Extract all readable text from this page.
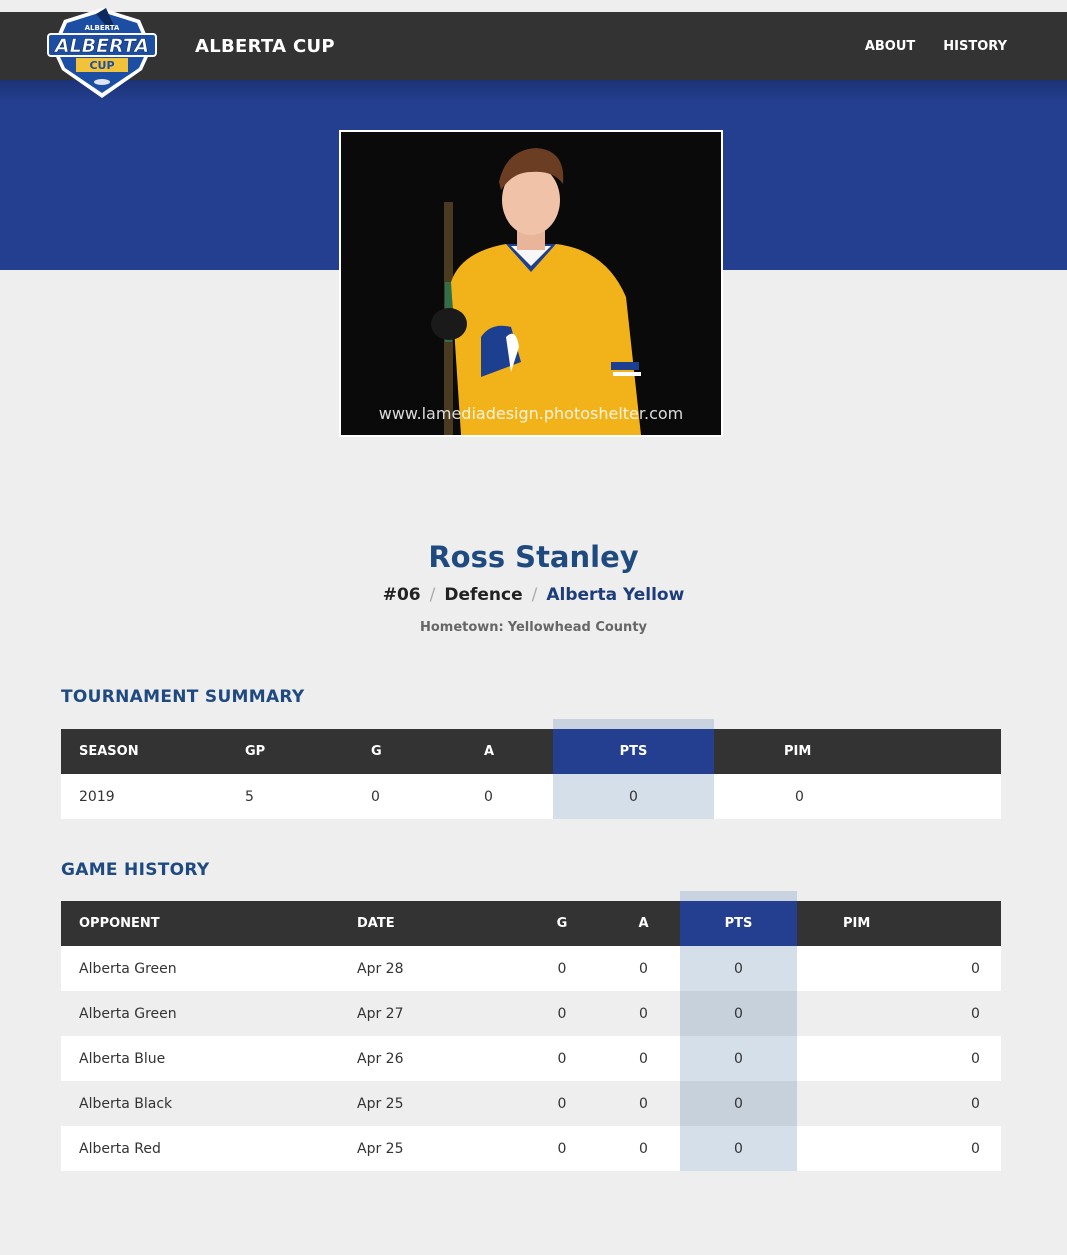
ALBERTA CUP	ABOUT HISTORY
ALBERTA
ALBERTA
CUP
www.lamediadesign.photoshelter.com
Ross Stanley
#06 / Defence / Alberta Yellow
Hometown: Yellowhead County
TOURNAMENT SUMMARY
SEASON	GP	G	A	PTS	PIM
2019	5	0	0	0	0
GAME HISTORY
OPPONENT	DATE	G	A	PTS	PIM
Alberta Green	Apr 28	0	0	0	0
Alberta Green	Apr 27	0	0	0	0
Alberta Blue	Apr 26	0	0	0	0
Alberta Black	Apr 25	0	0	0	0
Alberta Red	Apr 25	0	0	0	0
